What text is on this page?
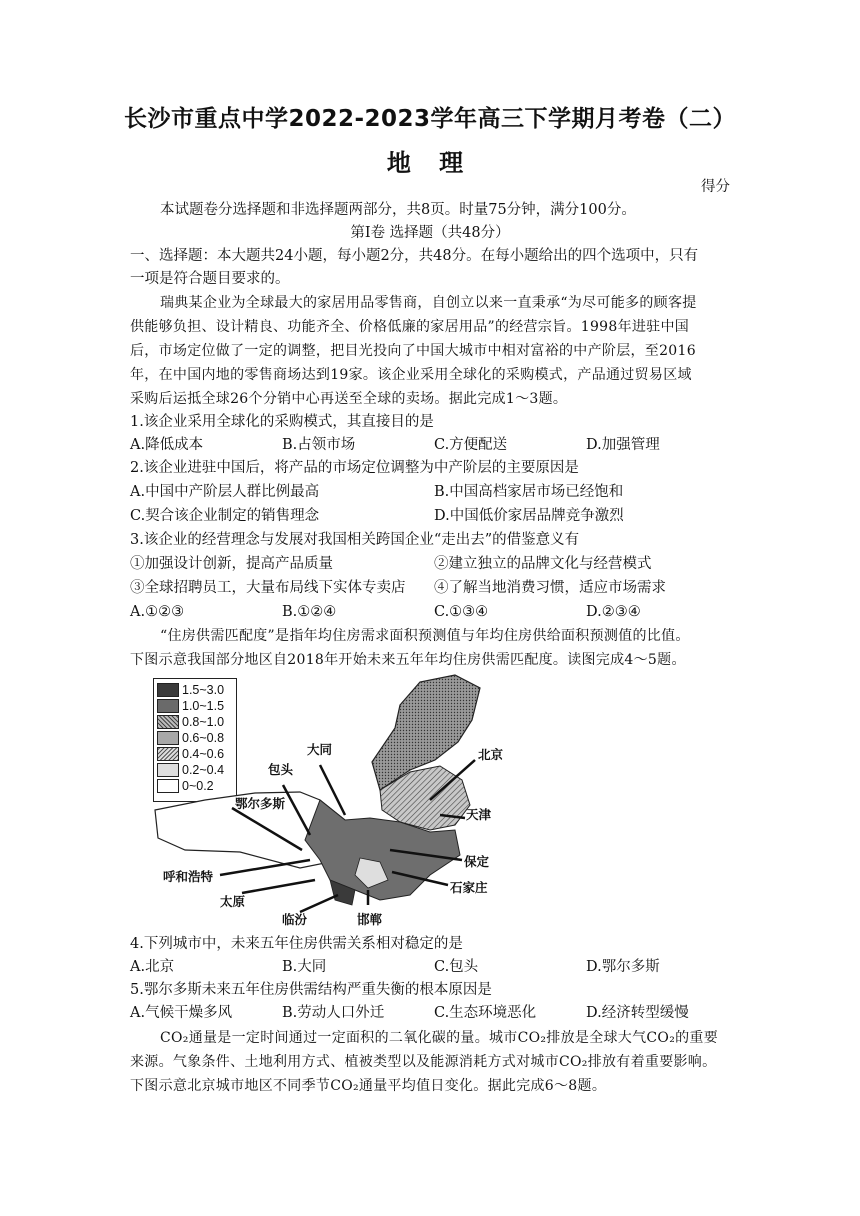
长沙市重点中学2022-2023学年高三下学期月考卷（二）
地 理
得分
本试题卷分选择题和非选择题两部分，共8页。时量75分钟，满分100分。
第I卷 选择题（共48分）
一、选择题：本大题共24小题，每小题2分，共48分。在每小题给出的四个选项中，只有
一项是符合题目要求的。
瑞典某企业为全球最大的家居用品零售商，自创立以来一直秉承“为尽可能多的顾客提
供能够负担、设计精良、功能齐全、价格低廉的家居用品”的经营宗旨。1998年进驻中国
后，市场定位做了一定的调整，把目光投向了中国大城市中相对富裕的中产阶层，至2016
年，在中国内地的零售商场达到19家。该企业采用全球化的采购模式，产品通过贸易区域
采购后运抵全球26个分销中心再送至全球的卖场。据此完成1～3题。
1.该企业采用全球化的采购模式，其直接目的是
A.降低成本	B.占领市场	C.方便配送	D.加强管理
2.该企业进驻中国后，将产品的市场定位调整为中产阶层的主要原因是
A.中国中产阶层人群比例最高	B.中国高档家居市场已经饱和
C.契合该企业制定的销售理念	D.中国低价家居品牌竞争激烈
3.该企业的经营理念与发展对我国相关跨国企业“走出去”的借鉴意义有
①加强设计创新，提高产品质量	②建立独立的品牌文化与经营模式
③全球招聘员工，大量布局线下实体专卖店 ④了解当地消费习惯，适应市场需求
A.①②③	B.①②④	C.①③④	D.②③④
“住房供需匹配度”是指年均住房需求面积预测值与年均住房供给面积预测值的比值。
下图示意我国部分地区自2018年开始未来五年年均住房供需匹配度。读图完成4～5题。
1.5~3.0
1.0~1.5
0.8~1.0
0.6~0.8
0.4~0.6
0.2~0.4
0~0.2
大同
包头
北京
鄂尔多斯
天津
保定
呼和浩特
石家庄
太原
临汾	邯郸
4.下列城市中，未来五年住房供需关系相对稳定的是
A.北京	B.大同	C.包头	D.鄂尔多斯
5.鄂尔多斯未来五年住房供需结构严重失衡的根本原因是
A.气候干燥多风	B.劳动人口外迁	C.生态环境恶化	D.经济转型缓慢
CO₂通量是一定时间通过一定面积的二氧化碳的量。城市CO₂排放是全球大气CO₂的重要
来源。气象条件、土地利用方式、植被类型以及能源消耗方式对城市CO₂排放有着重要影响。
下图示意北京城市地区不同季节CO₂通量平均值日变化。据此完成6～8题。
